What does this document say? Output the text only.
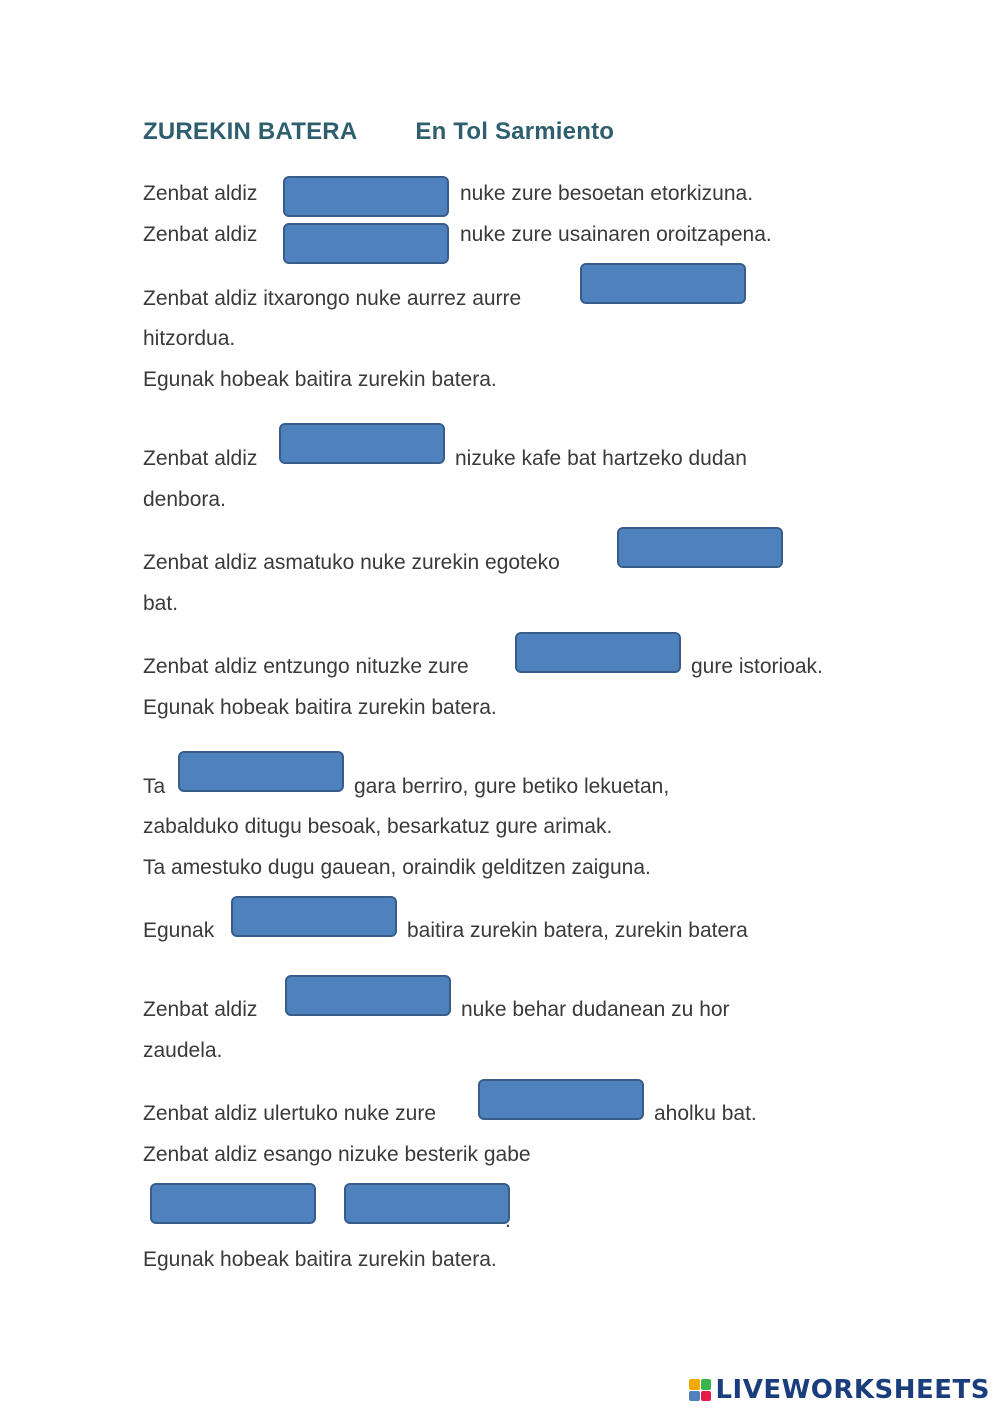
ZUREKIN BATERA En Tol Sarmiento
Zenbat aldiz	nuke zure besoetan etorkizuna.
Zenbat aldiz	nuke zure usainaren oroitzapena.
Zenbat aldiz itxarongo nuke aurrez aurre
hitzordua.
Egunak hobeak baitira zurekin batera.
Zenbat aldiz	nizuke kafe bat hartzeko dudan
denbora.
Zenbat aldiz asmatuko nuke zurekin egoteko
bat.
Zenbat aldiz entzungo nituzke zure	gure istorioak.
Egunak hobeak baitira zurekin batera.
Ta	gara berriro, gure betiko lekuetan,
zabalduko ditugu besoak, besarkatuz gure arimak.
Ta amestuko dugu gauean, oraindik gelditzen zaiguna.
Egunak	baitira zurekin batera, zurekin batera
Zenbat aldiz	nuke behar dudanean zu hor
zaudela.
Zenbat aldiz ulertuko nuke zure	aholku bat.
Zenbat aldiz esango nizuke besterik gabe
.
Egunak hobeak baitira zurekin batera.
LIVEWORKSHEETS
